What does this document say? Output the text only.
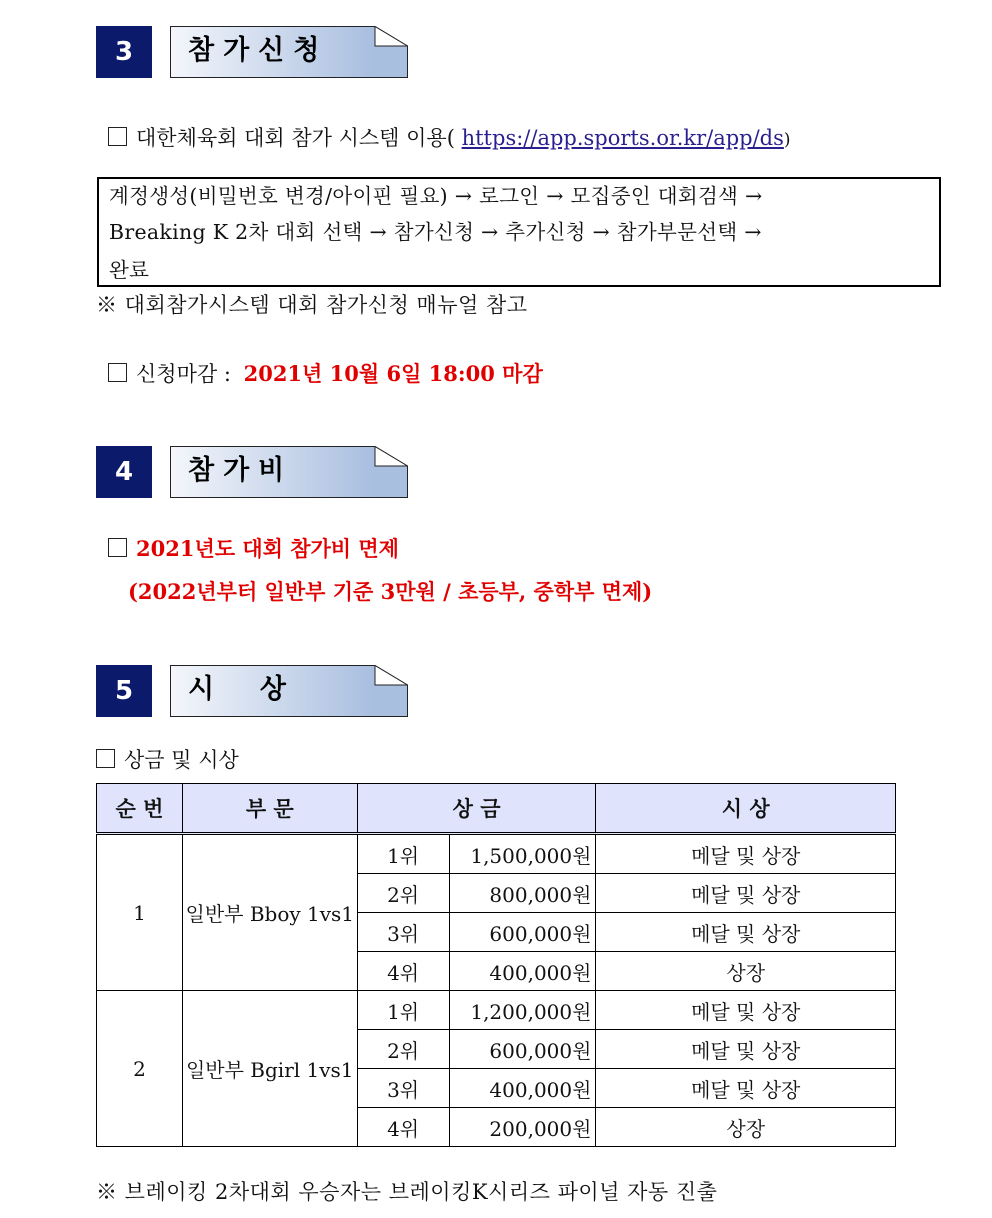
3	참가신청
대한체육회 대회 참가 시스템 이용( https://app.sports.or.kr/app/ds)
계정생성(비밀번호 변경/아이핀 필요) → 로그인 → 모집중인 대회검색 →
Breaking K 2차 대회 선택 → 참가신청 → 추가신청 → 참가부문선택 →
완료
※ 대회참가시스템 대회 참가신청 매뉴얼 참고
신청마감 : 2021년 10월 6일 18:00 마감
4	참가비
2021년도 대회 참가비 면제
(2022년부터 일반부 기준 3만원 / 초등부, 중학부 면제)
5	시  상
상금 및 시상
순 번	부 문	상 금		시 상
1	일반부 Bboy 1vs1	1위	1,500,000원	메달 및 상장
		2위	800,000원	메달 및 상장
		3위	600,000원	메달 및 상장
		4위	400,000원	상장
2	일반부 Bgirl 1vs1	1위	1,200,000원	메달 및 상장
		2위	600,000원	메달 및 상장
		3위	400,000원	메달 및 상장
		4위	200,000원	상장
※ 브레이킹 2차대회 우승자는 브레이킹K시리즈 파이널 자동 진출
